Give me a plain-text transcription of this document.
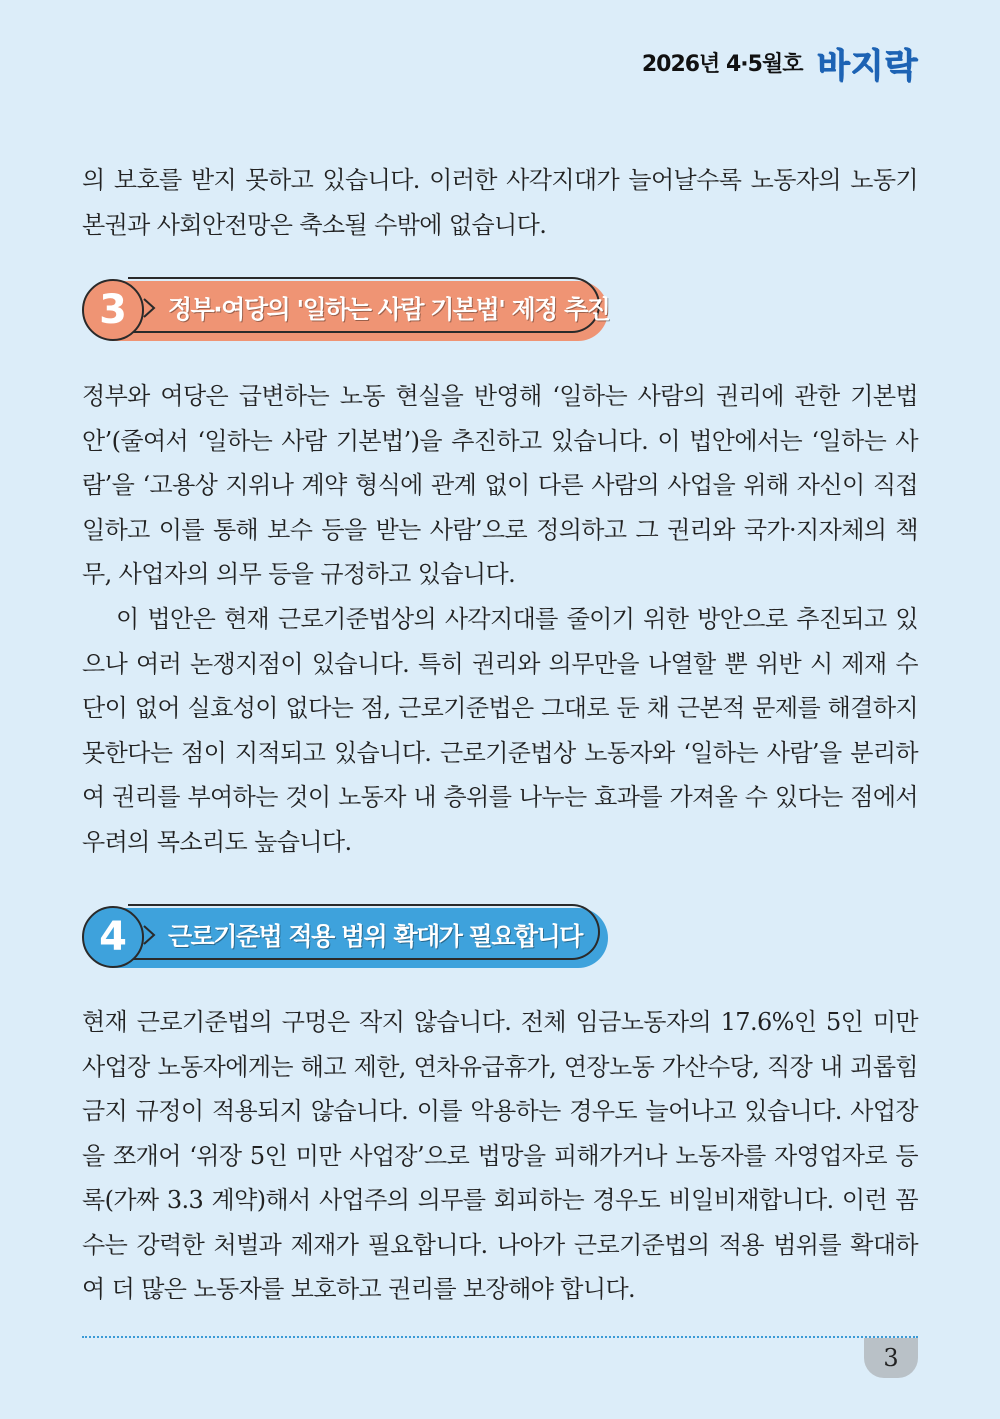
2026년 4·5월호 바지락

의 보호를 받지 못하고 있습니다. 이러한 사각지대가 늘어날수록 노동자의 노동기본권과 사회안전망은 축소될 수밖에 없습니다.

3	정부·여당의 '일하는 사람 기본법' 제정 추진

정부와 여당은 급변하는 노동 현실을 반영해 ‘일하는 사람의 권리에 관한 기본법안’(줄여서 ‘일하는 사람 기본법’)을 추진하고 있습니다. 이 법안에서는 ‘일하는 사람’을 ‘고용상 지위나 계약 형식에 관계 없이 다른 사람의 사업을 위해 자신이 직접 일하고 이를 통해 보수 등을 받는 사람’으로 정의하고 그 권리와 국가·지자체의 책무, 사업자의 의무 등을 규정하고 있습니다.

이 법안은 현재 근로기준법상의 사각지대를 줄이기 위한 방안으로 추진되고 있으나 여러 논쟁지점이 있습니다. 특히 권리와 의무만을 나열할 뿐 위반 시 제재 수단이 없어 실효성이 없다는 점, 근로기준법은 그대로 둔 채 근본적 문제를 해결하지 못한다는 점이 지적되고 있습니다. 근로기준법상 노동자와 ‘일하는 사람’을 분리하여 권리를 부여하는 것이 노동자 내 층위를 나누는 효과를 가져올 수 있다는 점에서 우려의 목소리도 높습니다.

4	근로기준법 적용 범위 확대가 필요합니다

현재 근로기준법의 구멍은 작지 않습니다. 전체 임금노동자의 17.6%인 5인 미만 사업장 노동자에게는 해고 제한, 연차유급휴가, 연장노동 가산수당, 직장 내 괴롭힘 금지 규정이 적용되지 않습니다. 이를 악용하는 경우도 늘어나고 있습니다. 사업장을 쪼개어 ‘위장 5인 미만 사업장’으로 법망을 피해가거나 노동자를 자영업자로 등록(가짜 3.3 계약)해서 사업주의 의무를 회피하는 경우도 비일비재합니다. 이런 꼼수는 강력한 처벌과 제재가 필요합니다. 나아가 근로기준법의 적용 범위를 확대하여 더 많은 노동자를 보호하고 권리를 보장해야 합니다.

3
